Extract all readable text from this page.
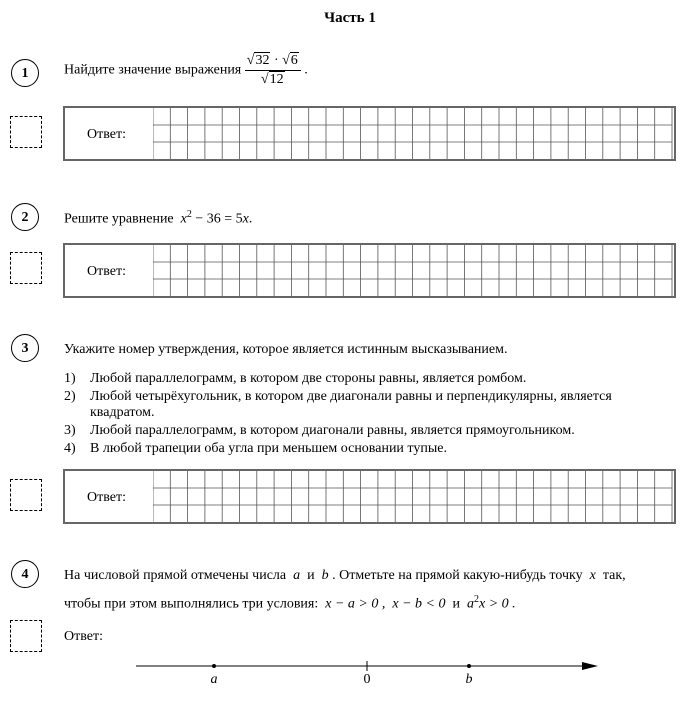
Часть 1
1	Найдите значение выражения $\frac{√32 \cdot √6}{√12}$ .
Ответ:
2	Решите уравнение $x^2 - 36 = 5x$.
Ответ:
3	Укажите номер утверждения, которое является истинным высказыванием.
1) Любой параллелограмм, в котором две стороны равны, является ромбом.
2) Любой четырёхугольник, в котором две диагонали равны и перпендикулярны, является квадратом.
3) Любой параллелограмм, в котором диагонали равны, является прямоугольником.
4) В любой трапеции оба угла при меньшем основании тупые.
Ответ:
4	На числовой прямой отмечены числа a и b . Отметьте на прямой какую-нибудь точку x так,
чтобы при этом выполнялись три условия: x − a > 0 , x − b < 0 и $a^2x > 0$ .
Ответ:
a	0	b
